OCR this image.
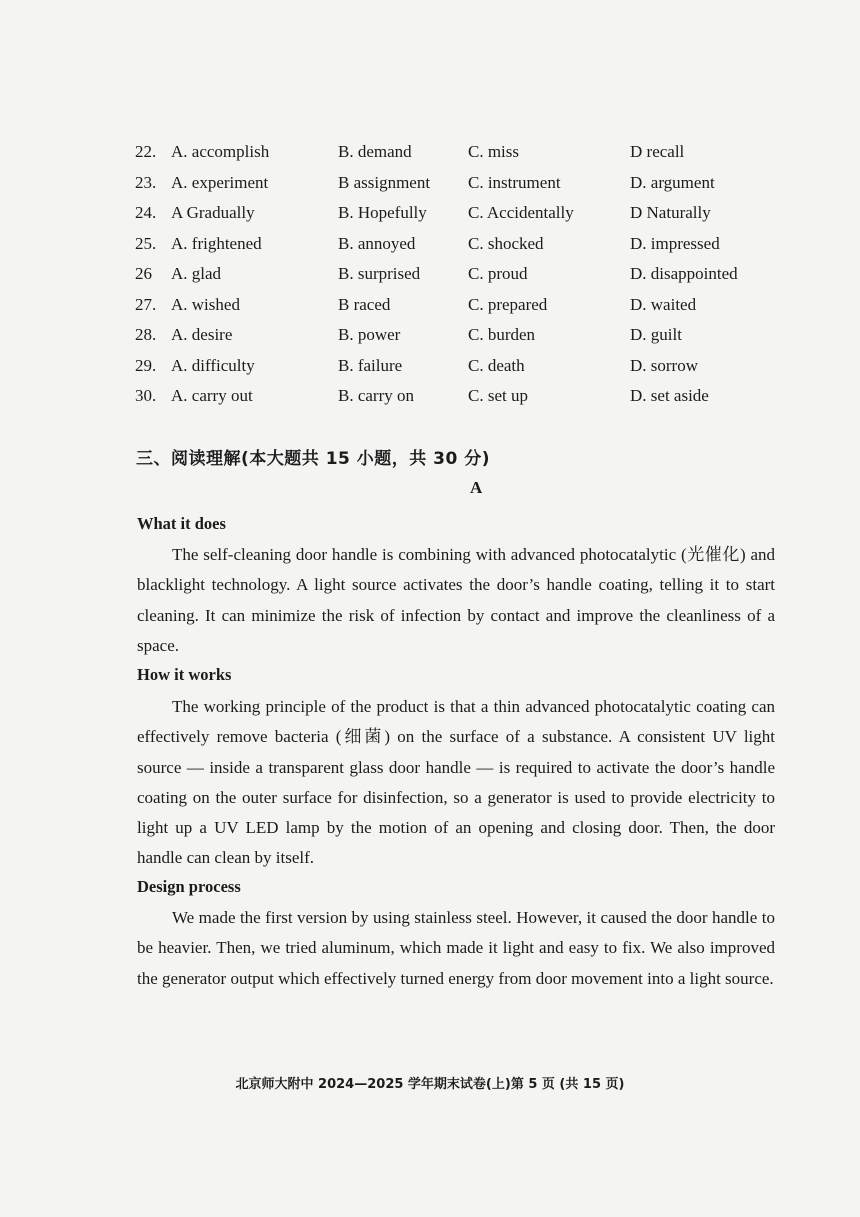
22. A. accomplish	B. demand	C. miss	D recall
23. A. experiment	B assignment C. instrument	D. argument
24. A Gradually	B. Hopefully C. Accidentally	D Naturally
25. A. frightened	B. annoyed	C. shocked	D. impressed
26 A. glad	B. surprised	C. proud	D. disappointed
27. A. wished	B raced	C. prepared	D. waited
28. A. desire	B. power	C. burden	D. guilt
29. A. difficulty	B. failure	C. death	D. sorrow
30. A. carry out	B. carry on	C. set up	D. set aside
三、阅读理解(本大题共 15 小题，共 30 分)
A
What it does
The self-cleaning door handle is combining with advanced photocatalytic (光催化) and blacklight technology. A light source activates the door’s handle coating, telling it to start cleaning. It can minimize the risk of infection by contact and improve the cleanliness of a space.
How it works
The working principle of the product is that a thin advanced photocatalytic coating can effectively remove bacteria (细菌) on the surface of a substance. A consistent UV light source — inside a transparent glass door handle — is required to activate the door’s handle coating on the outer surface for disinfection, so a generator is used to provide electricity to light up a UV LED lamp by the motion of an opening and closing door. Then, the door handle can clean by itself.
Design process
We made the first version by using stainless steel. However, it caused the door handle to be heavier. Then, we tried aluminum, which made it light and easy to fix. We also improved the generator output which effectively turned energy from door movement into a light source.
北京师大附中 2024—2025 学年期末试卷(上)第 5 页 (共 15 页)
